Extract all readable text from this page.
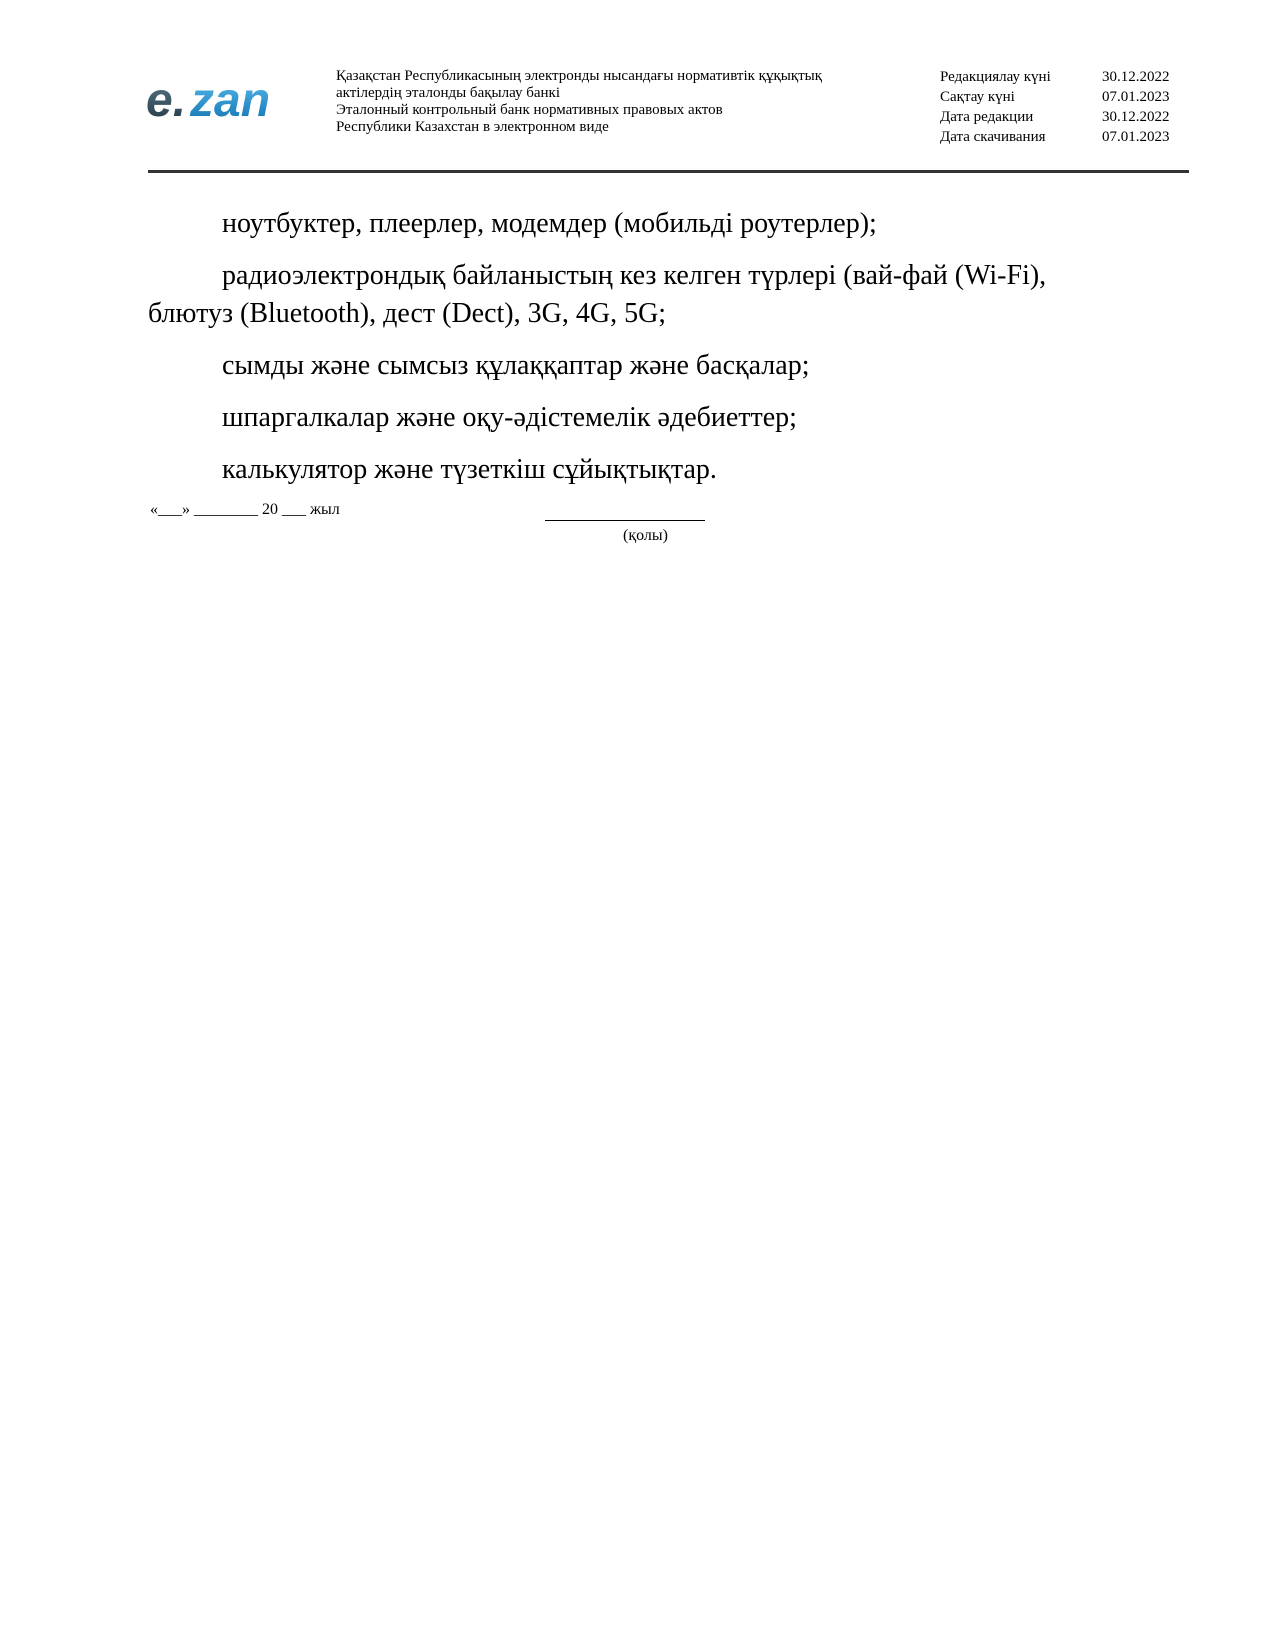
e. zan	Қазақстан Республикасының электронды нысандағы нормативтік құқықтық
актілердің эталонды бақылау банкі
Эталонный контрольный банк нормативных правовых актов
Республики Казахстан в электронном виде
Редакциялау күні	30.12.2022
Сақтау күні	07.01.2023
Дата редакции	30.12.2022
Дата скачивания	07.01.2023

ноутбуктер, плеерлер, модемдер (мобильді роутерлер);

радиоэлектрондық байланыстың кез келген түрлері (вай-фай (Wi-Fi), блютуз (Bluetooth), дест (Dect), 3G, 4G, 5G;

сымды және сымсыз құлаққаптар және басқалар;

шпаргалкалар және оқу-әдістемелік әдебиеттер;

калькулятор және түзеткіш сұйықтықтар.

«___» ________ 20 ___ жыл
(қолы)
